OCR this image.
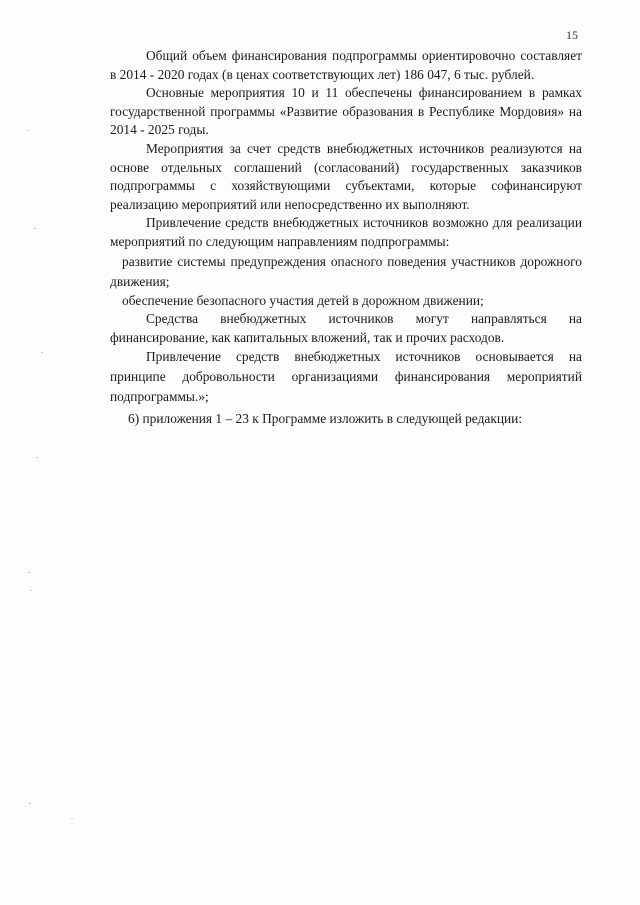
15

Общий объем финансирования подпрограммы ориентировочно составляет в 2014 - 2020 годах (в ценах соответствующих лет) 186 047, 6 тыс. рублей.

Основные мероприятия 10 и 11 обеспечены финансированием в рамках государственной программы «Развитие образования в Республике Мордовия» на 2014 - 2025 годы.

Мероприятия за счет средств внебюджетных источников реализуются на основе отдельных соглашений (согласований) государственных заказчиков подпрограммы с хозяйствующими субъектами, которые софинансируют реализацию мероприятий или непосредственно их выполняют.

Привлечение средств внебюджетных источников возможно для реализации мероприятий по следующим направлениям подпрограммы:

развитие системы предупреждения опасного поведения участников дорожного движения;

обеспечение безопасного участия детей в дорожном движении;

Средства внебюджетных источников могут направляться на финансирование, как капитальных вложений, так и прочих расходов.

Привлечение средств внебюджетных источников основывается на принципе добровольности организациями финансирования мероприятий подпрограммы.»;

6) приложения 1 – 23 к Программе изложить в следующей редакции:
